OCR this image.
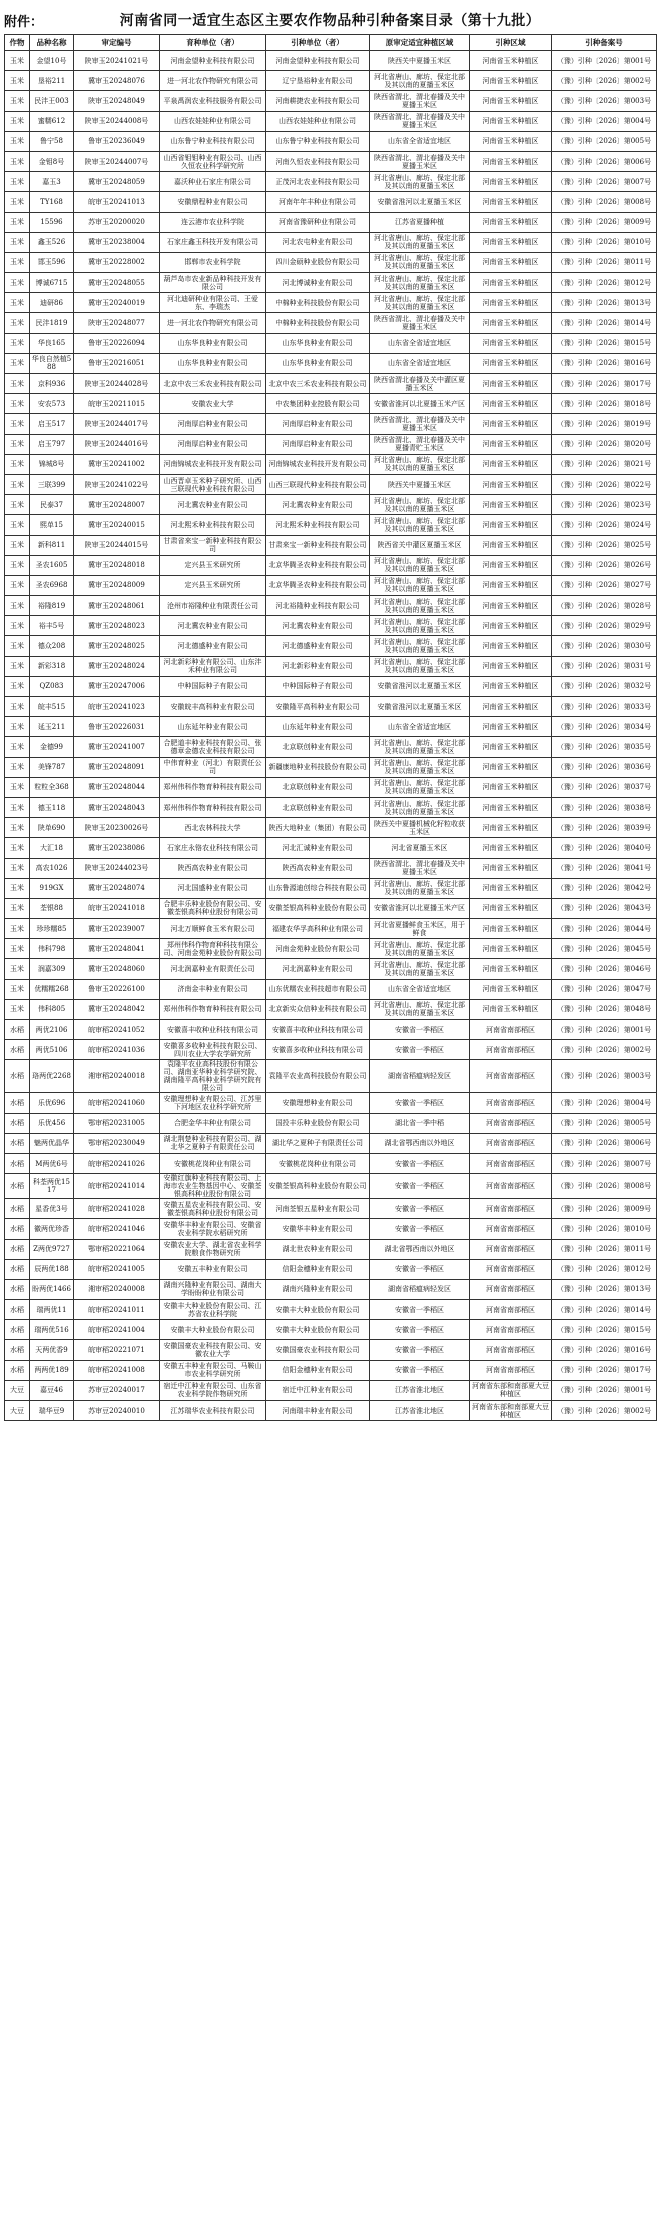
附件：	河南省同一适宜生态区主要农作物品种引种备案目录（第十九批）
作物	品种名称	审定编号	育种单位（者）	引种单位（者）	原审定适宜种植区域	引种区域	引种备案号
玉米	金望10号	陕审玉20241021号	河南金望种业科技有限公司	河南金望种业科技有限公司	陕西关中夏播玉米区	河南省玉米种植区	（豫）引种〔2026〕第001号
玉米	垦裕211	冀审玉20248076	进一河北农作物研究有限公司	辽宁垦裕种业有限公司	河北省唐山、廊坊、保定北部及其以南的夏播玉米区	河南省玉米种植区	（豫）引种〔2026〕第002号
玉米	民沣王003	陕审玉20248049	平泉禹润农业科技服务有限公司	河南耕捷农业科技有限公司	陕西省渭北、渭北春播及关中夏播玉米区	河南省玉米种植区	（豫）引种〔2026〕第003号
玉米	蜜糯612	陕审玉20244008号	山西农娃娃种业有限公司	山西农娃娃种业有限公司	陕西省渭北、渭北春播及关中夏播玉米区	河南省玉米种植区	（豫）引种〔2026〕第004号
玉米	鲁宁58	鲁审玉20236049	山东鲁宁种业科技有限公司	山东鲁宁种业科技有限公司	山东省全省适宜地区	河南省玉米种植区	（豫）引种〔2026〕第005号
玉米	金钼8号	陕审玉20244007号	山西省钼钼种业有限公司、山西久恒农业科学研究所	河南久恒农业科技有限公司	陕西省渭北、渭北春播及关中夏播玉米区	河南省玉米种植区	（豫）引种〔2026〕第006号
玉米	嘉玉3	冀审玉20248059	嘉沃种业石家庄有限公司	正茂河北农业科技有限公司	河北省唐山、廊坊、保定北部及其以南的夏播玉米区	河南省玉米种植区	（豫）引种〔2026〕第007号
玉米	TY168	皖审玉20241013	安徽鼎程种业有限公司	河南年年丰种业有限公司	安徽省淮河以北夏播玉米区	河南省玉米种植区	（豫）引种〔2026〕第008号
玉米	15596	苏审玉20200020	连云港市农业科学院	河南省豫研种业有限公司	江苏省夏播种植	河南省玉米种植区	（豫）引种〔2026〕第009号
玉米	鑫玉526	冀审玉20238004	石家庄鑫玉科技开发有限公司	河北农屯种业有限公司	河北省唐山、廊坊、保定北部及其以南的夏播玉米区	河南省玉米种植区	（豫）引种〔2026〕第010号
玉米	邯玉596	冀审玉20228002	邯郸市农业科学院	四川金硕种业股份有限公司	河北省唐山、廊坊、保定北部及其以南的夏播玉米区	河南省玉米种植区	（豫）引种〔2026〕第011号
玉米	博诚6715	冀审玉20248055	葫芦岛市农业新品种科技开发有限公司	河北博诚种业有限公司	河北省唐山、廊坊、保定北部及其以南的夏播玉米区	河南省玉米种植区	（豫）引种〔2026〕第012号
玉米	迪研86	冀审玉20240019	河北迪研种业有限公司、王爱东、李瑞杰	中棉种业科技股份有限公司	河北省唐山、廊坊、保定北部及其以南的夏播玉米区	河南省玉米种植区	（豫）引种〔2026〕第013号
玉米	民沣1819	陕审玉20248077	进一河北农作物研究有限公司	中棉种业科技股份有限公司	陕西省渭北、渭北春播及关中夏播玉米区	河南省玉米种植区	（豫）引种〔2026〕第014号
玉米	华良165	鲁审玉20226094	山东华良种业有限公司	山东华良种业有限公司	山东省全省适宜地区	河南省玉米种植区	（豫）引种〔2026〕第015号
玉米	华良自然植588	鲁审玉20216051	山东华良种业有限公司	山东华良种业有限公司	山东省全省适宜地区	河南省玉米种植区	（豫）引种〔2026〕第016号
玉米	京科936	陕审玉20244028号	北京中农三禾农业科技有限公司	北京中农三禾农业科技有限公司	陕西省渭北春播及关中灌区夏播玉米区	河南省玉米种植区	（豫）引种〔2026〕第017号
玉米	安农573	皖审玉20211015	安徽农业大学	中农集团种业控股有限公司	安徽省淮河以北夏播玉米产区	河南省玉米种植区	（豫）引种〔2026〕第018号
玉米	启玉517	陕审玉20244017号	河南厚启种业有限公司	河南厚启种业有限公司	陕西省渭北、渭北春播及关中夏播玉米区	河南省玉米种植区	（豫）引种〔2026〕第019号
玉米	启玉797	陕审玉20244016号	河南厚启种业有限公司	河南厚启种业有限公司	陕西省渭北、渭北春播及关中夏播青贮玉米区	河南省玉米种植区	（豫）引种〔2026〕第020号
玉米	锦城8号	冀审玉20241002	河南锦城农业科技开发有限公司	河南锦城农业科技开发有限公司	河北省唐山、廊坊、保定北部及其以南的夏播玉米区	河南省玉米种植区	（豫）引种〔2026〕第021号
玉米	三联399	陕审玉20241022号	山西晋卓玉米种子研究所、山西三联现代种业科技有限公司	山西三联现代种业科技有限公司	陕西关中夏播玉米区	河南省玉米种植区	（豫）引种〔2026〕第022号
玉米	民泰37	冀审玉20248007	河北冀农种业有限公司	河北冀农种业有限公司	河北省唐山、廊坊、保定北部及其以南的夏播玉米区	河南省玉米种植区	（豫）引种〔2026〕第023号
玉米	熙单15	冀审玉20240015	河北熙禾种业科技有限公司	河北熙禾种业科技有限公司	河北省唐山、廊坊、保定北部及其以南的夏播玉米区	河南省玉米种植区	（豫）引种〔2026〕第024号
玉米	新科811	陕审玉20244015号	甘肃省来宝一新种业科技有限公司	甘肃来宝一新种业科技有限公司	陕西省关中灌区夏播玉米区	河南省玉米种植区	（豫）引种〔2026〕第025号
玉米	圣农1605	冀审玉20248018	定兴县玉米研究所	北京华腾圣农种业科技有限公司	河北省唐山、廊坊、保定北部及其以南的夏播玉米区	河南省玉米种植区	（豫）引种〔2026〕第026号
玉米	圣农6968	冀审玉20248009	定兴县玉米研究所	北京华腾圣农种业科技有限公司	河北省唐山、廊坊、保定北部及其以南的夏播玉米区	河南省玉米种植区	（豫）引种〔2026〕第027号
玉米	裕隆819	冀审玉20248061	沧州市裕隆种业有限责任公司	河北裕隆种业科技有限公司	河北省唐山、廊坊、保定北部及其以南的夏播玉米区	河南省玉米种植区	（豫）引种〔2026〕第028号
玉米	裕丰5号	冀审玉20248023	河北冀农种业有限公司	河北冀农种业有限公司	河北省唐山、廊坊、保定北部及其以南的夏播玉米区	河南省玉米种植区	（豫）引种〔2026〕第029号
玉米	德众208	冀审玉20248025	河北德盛种业有限公司	河北德盛种业有限公司	河北省唐山、廊坊、保定北部及其以南的夏播玉米区	河南省玉米种植区	（豫）引种〔2026〕第030号
玉米	新彩318	冀审玉20248024	河北新彩种业有限公司、山东沣禾种业有限公司	河北新彩种业有限公司	河北省唐山、廊坊、保定北部及其以南的夏播玉米区	河南省玉米种植区	（豫）引种〔2026〕第031号
玉米	QZ083	冀审玉20247006	中种国际种子有限公司	中种国际种子有限公司	安徽省淮河以北夏播玉米区	河南省玉米种植区	（豫）引种〔2026〕第032号
玉米	皖丰515	皖审玉20241023	安徽皖丰高科种业有限公司	安徽隆平高科种业有限公司	安徽省淮河以北夏播玉米区	河南省玉米种植区	（豫）引种〔2026〕第033号
玉米	延玉211	鲁审玉20226031	山东延年种业有限公司	山东延年种业有限公司	山东省全省适宜地区	河南省玉米种植区	（豫）引种〔2026〕第034号
玉米	金德99	冀审玉20241007	合肥道丰种业科技有限公司、张德章金德农业科技有限公司	北京联创种业有限公司	河北省唐山、廊坊、保定北部及其以南的夏播玉米区	河南省玉米种植区	（豫）引种〔2026〕第035号
玉米	美锋787	冀审玉20248091	中伟育种业（河北）有限责任公司	新疆康地种业科技股份有限公司	河北省唐山、廊坊、保定北部及其以南的夏播玉米区	河南省玉米种植区	（豫）引种〔2026〕第036号
玉米	粒粒全368	冀审玉20248044	郑州伟科作物育种科技有限公司	北京联创种业有限公司	河北省唐山、廊坊、保定北部及其以南的夏播玉米区	河南省玉米种植区	（豫）引种〔2026〕第037号
玉米	德玉118	冀审玉20248043	郑州伟科作物育种科技有限公司	北京联创种业有限公司	河北省唐山、廊坊、保定北部及其以南的夏播玉米区	河南省玉米种植区	（豫）引种〔2026〕第038号
玉米	陕单690	陕审玉20230026号	西北农林科技大学	陕西大地种业（集团）有限公司	陕西关中夏播机械化籽粒收获玉米区	河南省玉米种植区	（豫）引种〔2026〕第039号
玉米	大汇18	冀审玉20238086	石家庄永铬农业科技有限公司	河北汇诚种业有限公司	河北省夏播玉米区	河南省玉米种植区	（豫）引种〔2026〕第040号
玉米	高农1026	陕审玉20244023号	陕西高农种业有限公司	陕西高农种业有限公司	陕西省渭北、渭北春播及关中夏播玉米区	河南省玉米种植区	（豫）引种〔2026〕第041号
玉米	919GX	冀审玉20248074	河北国盛种业有限公司	山东鲁源迪创综合科技有限公司	河北省唐山、廊坊、保定北部及其以南的夏播玉米区	河南省玉米种植区	（豫）引种〔2026〕第042号
玉米	荃银88	皖审玉20241018	合肥丰乐种业股份有限公司、安徽荃银高科种业股份有限公司	安徽荃银高科种业股份有限公司	安徽省淮河以北夏播玉米产区	河南省玉米种植区	（豫）引种〔2026〕第043号
玉米	珍珍糯85	冀审玉20239007	河北万顺鲜食玉米有限公司	福建农华孚高科种业有限公司	河北省夏播鲜食玉米区，用于鲜食	河南省玉米种植区	（豫）引种〔2026〕第044号
玉米	伟科798	冀审玉20248041	郑州伟科作物育种科技有限公司、河南金苑种业股份有限公司	河南金苑种业股份有限公司	河北省唐山、廊坊、保定北部及其以南的夏播玉米区	河南省玉米种植区	（豫）引种〔2026〕第045号
玉米	润嘉309	冀审玉20248060	河北润嘉种业有限责任公司	河北润嘉种业有限公司	河北省唐山、廊坊、保定北部及其以南的夏播玉米区	河南省玉米种植区	（豫）引种〔2026〕第046号
玉米	优糯糯268	鲁审玉20226100	济南金丰种业有限公司	山东优糯农业科技超市有限公司	山东省全省适宜地区	河南省玉米种植区	（豫）引种〔2026〕第047号
玉米	伟科805	冀审玉20248042	郑州伟科作物育种科技有限公司	北京新实众信种业科技有限公司	河北省唐山、廊坊、保定北部及其以南的夏播玉米区	河南省玉米种植区	（豫）引种〔2026〕第048号
水稻	两优2106	皖审稻20241052	安徽喜丰收种业科技有限公司	安徽喜丰收种业科技有限公司	安徽省一季稻区	河南省南部稻区	（豫）引种〔2026〕第001号
水稻	两优5106	皖审稻20241036	安徽喜多收种业科技有限公司、四川农业大学农学研究所	安徽喜多收种业科技有限公司	安徽省一季稻区	河南省南部稻区	（豫）引种〔2026〕第002号
水稻	珞两优2268	湘审稻20240018	袁隆平农业高科技股份有限公司、湖南亚华种业科学研究院、湖南隆平高科种业科学研究院有限公司	袁隆平农业高科技股份有限公司	湖南省稻瘟病轻发区	河南省南部稻区	（豫）引种〔2026〕第003号
水稻	乐优696	皖审稻20241060	安徽理想种业有限公司、江苏里下河地区农业科学研究所	安徽理想种业有限公司	安徽省一季稻区	河南省南部稻区	（豫）引种〔2026〕第004号
水稻	乐优456	鄂审稻20231005	合肥金华丰种业有限公司	国投丰乐种业股份有限公司	湖北省一季中稻	河南省南部稻区	（豫）引种〔2026〕第005号
水稻	魅两优晶华	鄂审稻20230049	湖北荆楚种业科技有限公司、湖北华之夏种子有限责任公司	湖北华之夏种子有限责任公司	湖北省鄂西南以外地区	河南省南部稻区	（豫）引种〔2026〕第006号
水稻	M两优6号	皖审稻20241026	安徽桃花岗种业有限公司	安徽桃花岗种业有限公司	安徽省一季稻区	河南省南部稻区	（豫）引种〔2026〕第007号
水稻	科荃两优1517	皖审稻20241014	安徽红旗种业科技有限公司、上海市农业生物基因中心、安徽荃银高科种业股份有限公司	安徽荃银高科种业股份有限公司	安徽省一季稻区	河南省南部稻区	（豫）引种〔2026〕第008号
水稻	星香优3号	皖审稻20241028	安徽五星农业科技有限公司、安徽荃银高科种业股份有限公司	河南荃银五星种业有限公司	安徽省一季稻区	河南省南部稻区	（豫）引种〔2026〕第009号
水稻	徽两优珍香	皖审稻20241046	安徽华丰种业有限公司、安徽省农业科学院水稻研究所	安徽华丰种业有限公司	安徽省一季稻区	河南省南部稻区	（豫）引种〔2026〕第010号
水稻	Z两优9727	鄂审稻20221064	安徽农业大学、湖北省农业科学院粮食作物研究所	湖北世农种业有限公司	湖北省鄂西南以外地区	河南省南部稻区	（豫）引种〔2026〕第011号
水稻	辰两优188	皖审稻20241005	安徽五丰种业有限公司	信阳金穗种业有限公司	安徽省一季稻区	河南省南部稻区	（豫）引种〔2026〕第012号
水稻	盼两优1466	湘审稻20240008	湖南兴隆种业有限公司、湖南大学盼盼种业有限公司	湖南兴隆种业有限公司	湖南省稻瘟病轻发区	河南省南部稻区	（豫）引种〔2026〕第013号
水稻	瑞两优11	皖审稻20241011	安徽丰大种业股份有限公司、江苏省农业科学院	安徽丰大种业股份有限公司	安徽省一季稻区	河南省南部稻区	（豫）引种〔2026〕第014号
水稻	瑞两优516	皖审稻20241004	安徽丰大种业股份有限公司	安徽丰大种业股份有限公司	安徽省一季稻区	河南省南部稻区	（豫）引种〔2026〕第015号
水稻	天两优香9	皖审稻20221071	安徽国豪农业科技有限公司、安徽农业大学	安徽国豪农业科技有限公司	安徽省一季稻区	河南省南部稻区	（豫）引种〔2026〕第016号
水稻	两两优189	皖审稻20241008	安徽五丰种业有限公司、马鞍山市农业科学研究所	信阳金穗种业有限公司	安徽省一季稻区	河南省南部稻区	（豫）引种〔2026〕第017号
大豆	嘉豆46	苏审豆20240017	宿迁中江种业有限公司、山东省农业科学院作物研究所	宿迁中江种业有限公司	江苏省淮北地区	河南省东部和南部夏大豆种植区	（豫）引种〔2026〕第001号
大豆	瑞华豆9	苏审豆20240010	江苏瑞华农业科技有限公司	河南瑞丰种业有限公司	江苏省淮北地区	河南省东部和南部夏大豆种植区	（豫）引种〔2026〕第002号
